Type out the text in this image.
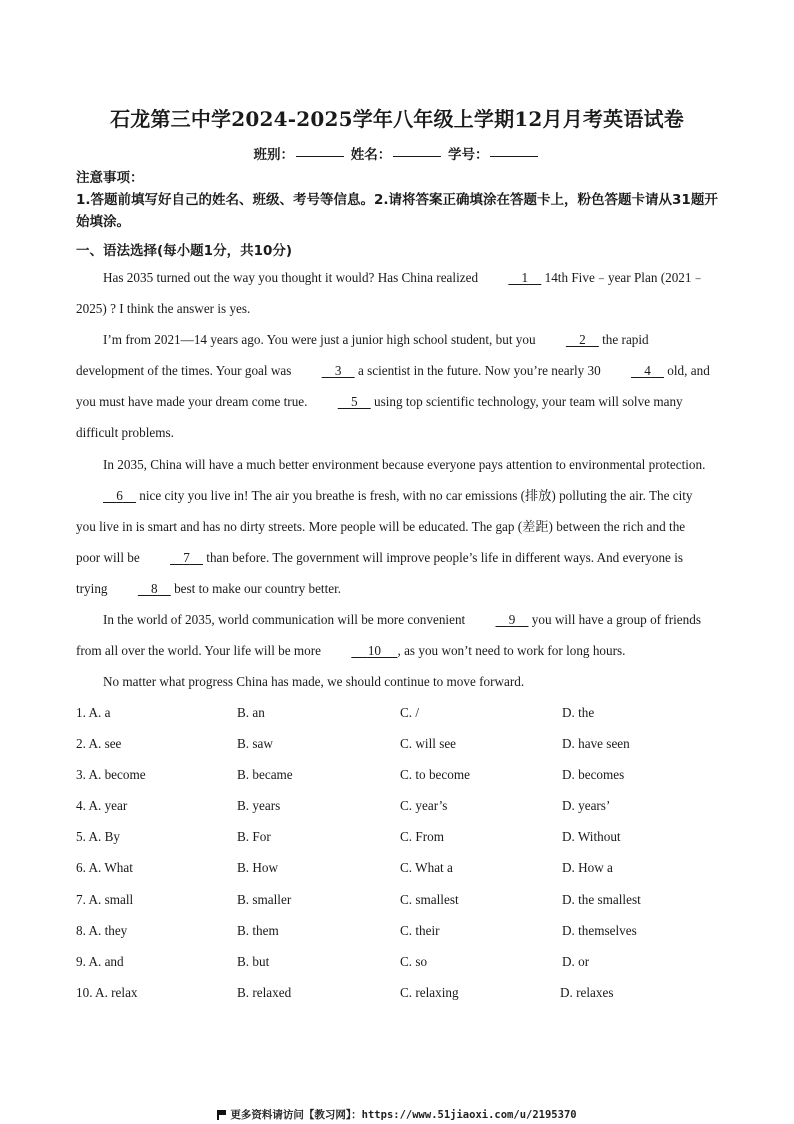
石龙第三中学2024-2025学年八年级上学期12月月考英语试卷
班别：	姓名：	学号：
注意事项：
1.答题前填写好自己的姓名、班级、考号等信息。2.请将答案正确填涂在答题卡上，粉色答题卡请从31题开始填涂。
一、语法选择(每小题1分，共10分)

Has 2035 turned out the way you thought it would? Has China realized	1     14th Five﹣year Plan (2021﹣2025) ? I think the answer is yes.

I’m from 2021—14 years ago. You were just a junior high school student, but you	2     the rapid development of the times. Your goal was	3     a scientist in the future. Now you’re nearly 30	4     old, and you must have made your dream come true.	5     using top scientific technology, your team will solve many difficult problems.

In 2035, China will have a much better environment because everyone pays attention to environmental protection.     6     nice city you live in! The air you breathe is fresh, with no car emissions (排放) polluting the air. The city you live in is smart and has no dirty streets. More people will be educated. The gap (差距) between the rich and the poor will be	7     than before. The government will improve people’s life in different ways. And everyone is trying	8     best to make our country better.

In the world of 2035, world communication will be more convenient	9     you will have a group of friends from all over the world. Your life will be more	10 , as you won’t need to work for long hours.

No matter what progress China has made, we should continue to move forward.

1. A. a	B. an	C. /	D. the
2. A. see	B. saw	C. will see	D. have seen
3. A. become	B. became	C. to become	D. becomes
4. A. year	B. years	C. year’s	D. years’
5. A. By	B. For	C. From	D. Without
6. A. What	B. How	C. What a	D. How a
7. A. small	B. smaller	C. smallest	D. the smallest
8. A. they	B. them	C. their	D. themselves
9. A. and	B. but	C. so	D. or
10. A. relax	B. relaxed	C. relaxing	D. relaxes
更多资料请访问【教习网】：https://www.51jiaoxi.com/u/2195370
